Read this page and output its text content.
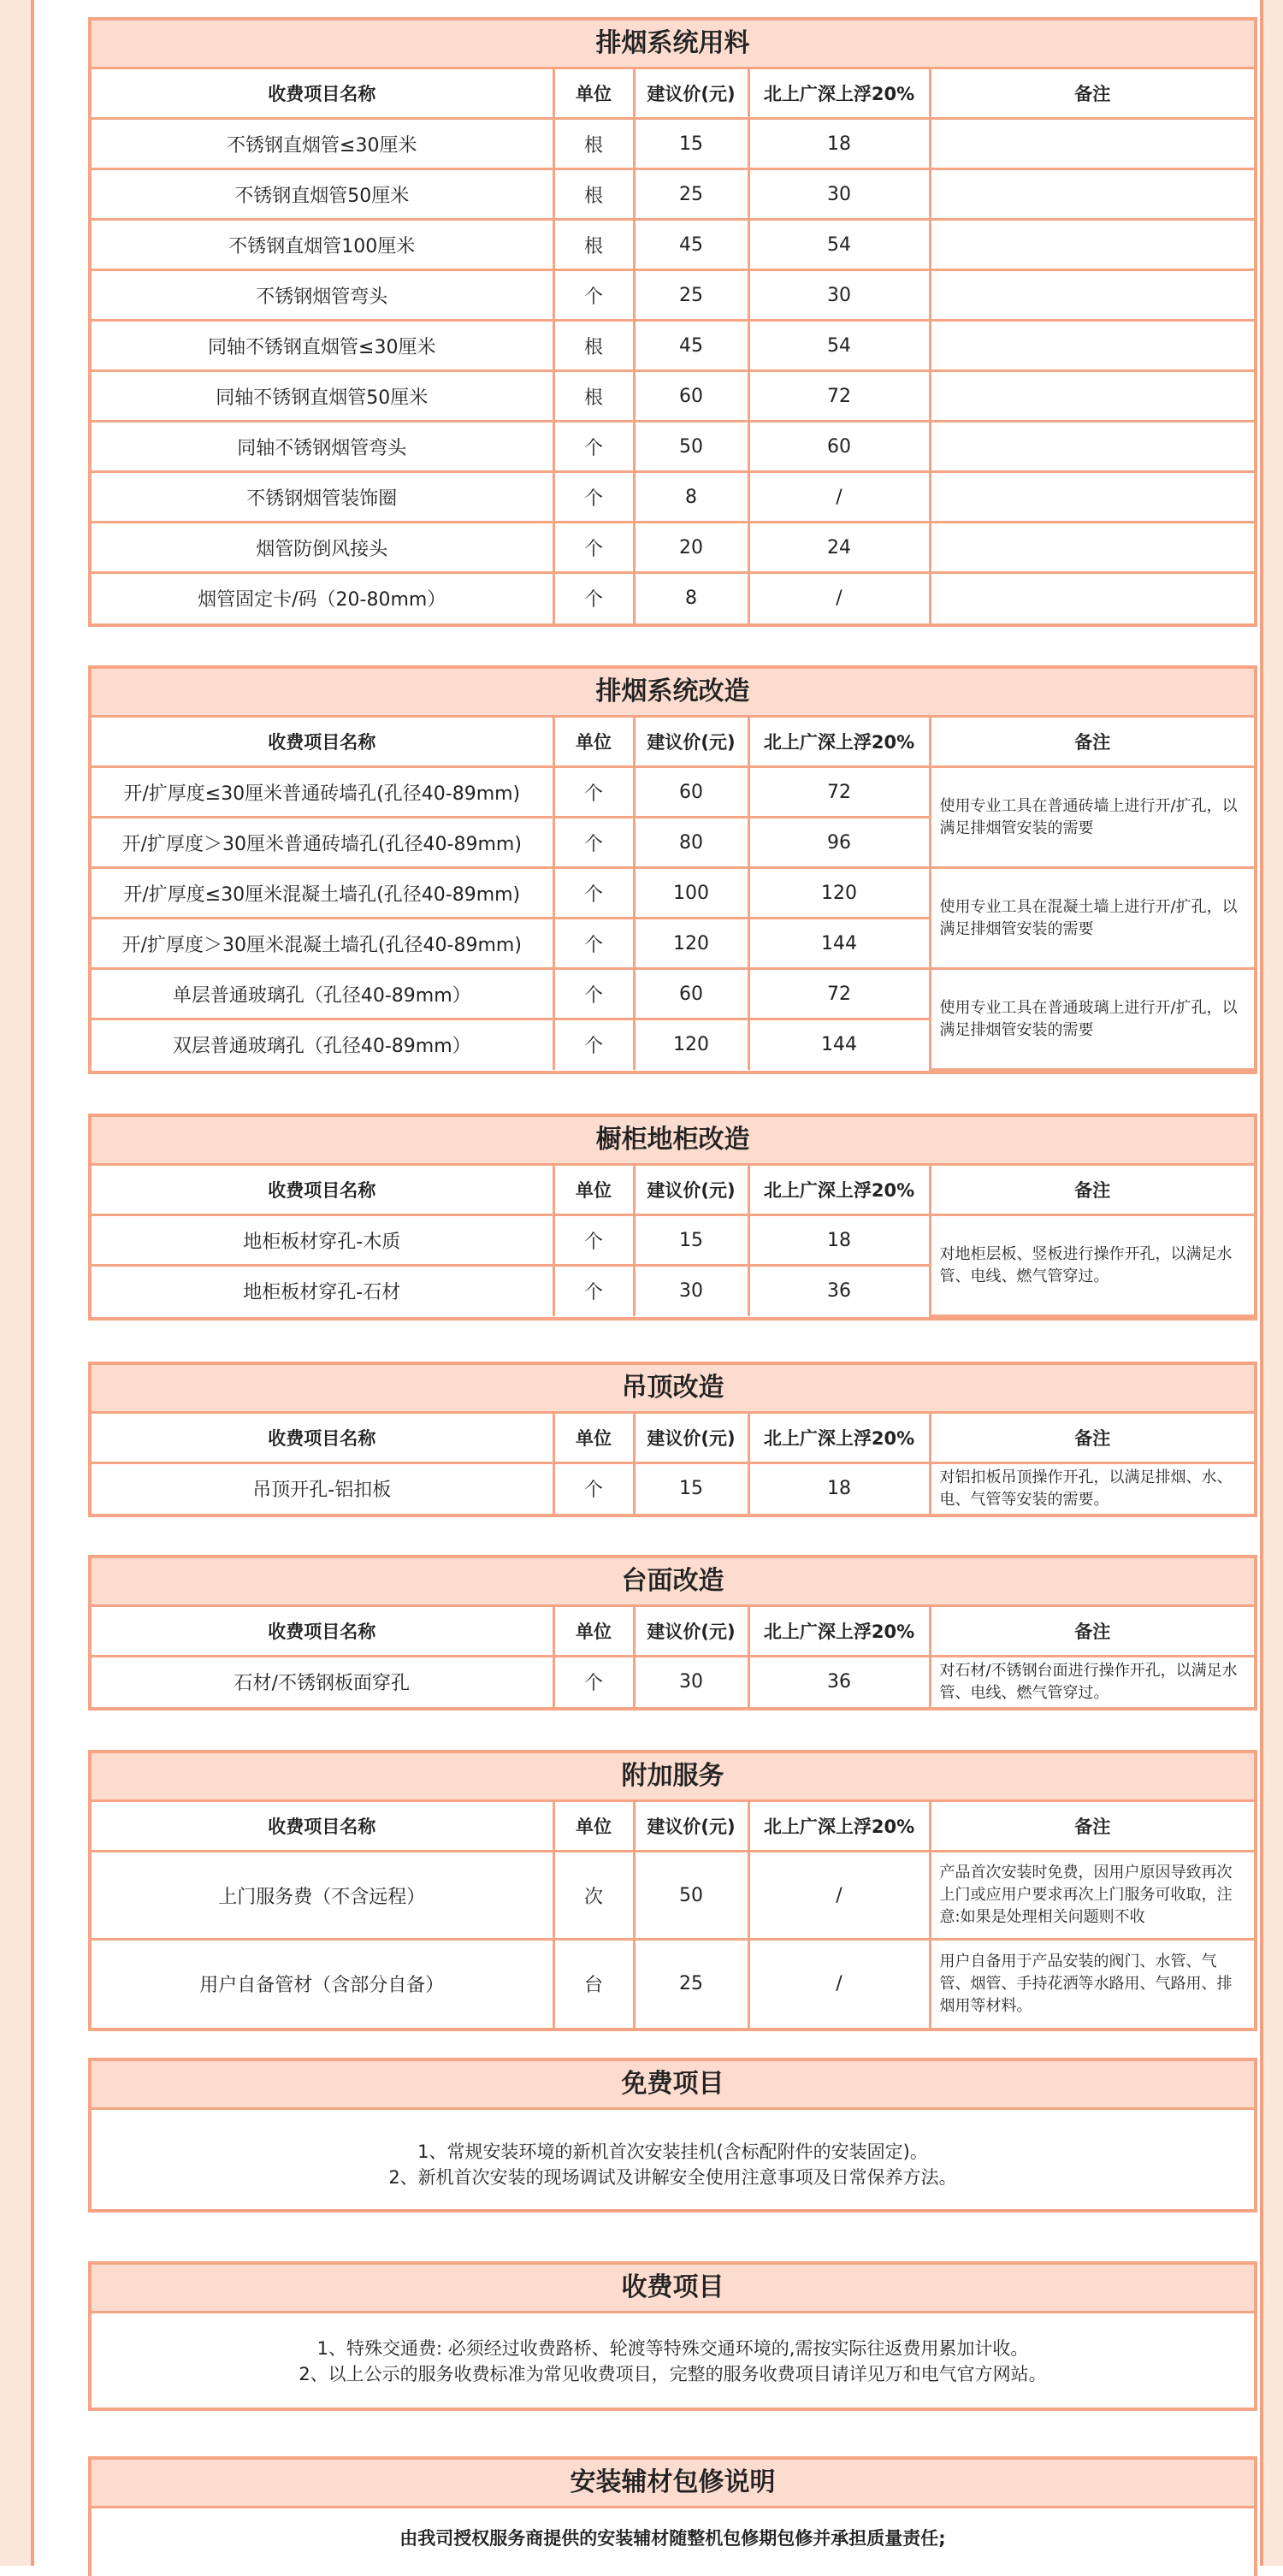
排烟系统用料
收费项目名称	单位	建议价(元)	北上广深上浮20%	备注
不锈钢直烟管≤30厘米	根	15	18	
不锈钢直烟管50厘米	根	25	30	
不锈钢直烟管100厘米	根	45	54	
不锈钢烟管弯头	个	25	30	
同轴不锈钢直烟管≤30厘米	根	45	54	
同轴不锈钢直烟管50厘米	根	60	72	
同轴不锈钢烟管弯头	个	50	60	
不锈钢烟管装饰圈	个	8	/	
烟管防倒风接头	个	20	24	
烟管固定卡/码（20-80mm）	个	8	/	
排烟系统改造
收费项目名称	单位	建议价(元)	北上广深上浮20%	备注
开/扩厚度≤30厘米普通砖墙孔(孔径40-89mm)	个	60	72	使用专业工具在普通砖墙上进行开/扩孔，以满足排烟管安装的需要
开/扩厚度＞30厘米普通砖墙孔(孔径40-89mm)	个	80	96	
开/扩厚度≤30厘米混凝土墙孔(孔径40-89mm)	个	100	120	使用专业工具在混凝土墙上进行开/扩孔，以满足排烟管安装的需要
开/扩厚度＞30厘米混凝土墙孔(孔径40-89mm)	个	120	144	
单层普通玻璃孔（孔径40-89mm）	个	60	72	使用专业工具在普通玻璃上进行开/扩孔，以满足排烟管安装的需要
双层普通玻璃孔（孔径40-89mm）	个	120	144	
橱柜地柜改造
收费项目名称	单位	建议价(元)	北上广深上浮20%	备注
地柜板材穿孔-木质	个	15	18	对地柜层板、竖板进行操作开孔，以满足水管、电线、燃气管穿过。
地柜板材穿孔-石材	个	30	36	
吊顶改造
收费项目名称	单位	建议价(元)	北上广深上浮20%	备注
吊顶开孔-铝扣板	个	15	18	对铝扣板吊顶操作开孔，以满足排烟、水、电、气管等安装的需要。
台面改造
收费项目名称	单位	建议价(元)	北上广深上浮20%	备注
石材/不锈钢板面穿孔	个	30	36	对石材/不锈钢台面进行操作开孔，以满足水管、电线、燃气管穿过。
附加服务
收费项目名称	单位	建议价(元)	北上广深上浮20%	备注
上门服务费（不含远程）	次	50	/	产品首次安装时免费，因用户原因导致再次上门或应用户要求再次上门服务可收取，注意:如果是处理相关问题则不收
用户自备管材（含部分自备）	台	25	/	用户自备用于产品安装的阀门、水管、气管、烟管、手持花洒等水路用、气路用、排烟用等材料。
免费项目
1、常规安装环境的新机首次安装挂机(含标配附件的安装固定)。
2、新机首次安装的现场调试及讲解安全使用注意事项及日常保养方法。
收费项目
1、特殊交通费: 必须经过收费路桥、轮渡等特殊交通环境的,需按实际往返费用累加计收。
2、以上公示的服务收费标准为常见收费项目，完整的服务收费项目请详见万和电气官方网站。
安装辅材包修说明
由我司授权服务商提供的安装辅材随整机包修期包修并承担质量责任;
